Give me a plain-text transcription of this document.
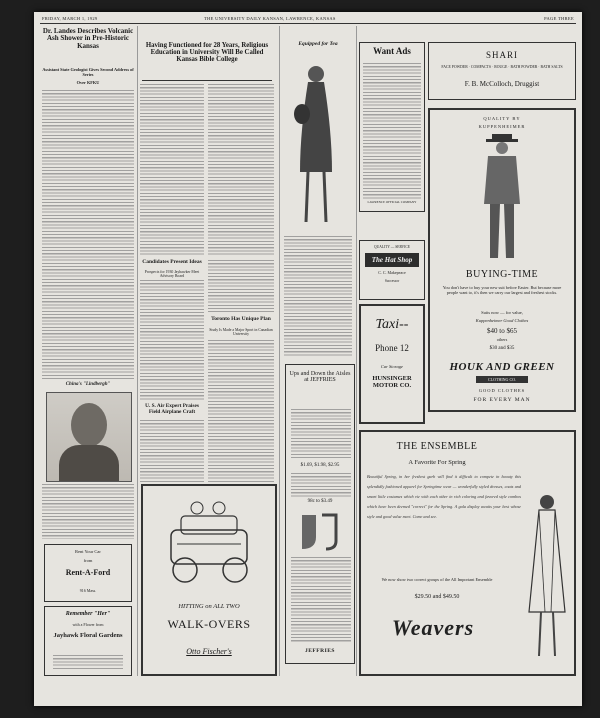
FRIDAY, MARCH 1, 1929	THE UNIVERSITY DAILY KANSAN, LAWRENCE, KANSAS	PAGE THREE
Dr. Landes Describes Volcanic Ash Shower in Pre-Historic Kansas
Assistant State Geologist Gives Second Address of Series
Over KFKU
China's "Lindbergh"
Rent Your Car
from
Rent-A-Ford
916 Mass.
Remember "Her"
with a Flower from
Jayhawk Floral Gardens
Having Functioned for 28 Years, Religious Education in University Will Be Called Kansas Bible College
Candidates Present Ideas
Prospects for 1930 Jayhawker Meet Advisory Board
Toronto Has Unique Plan
Study Is Made a Major Sport in Canadian University
U. S. Air Expert Praises Field Airplane Craft
HITTING on ALL TWO
WALK-OVERS
Otto Fischer's
Equipped for Tea
Ups and Down the Aisles at JEFFRIES
$1.69, $1.98, $2.95
98c to $3.49
JEFFRIES
Want Ads
LAWRENCE OFFICIAL COMPANY
QUALITY — SERVICE
The Hat Shop
C. C. Makepeace
Successor
Taxi--
Phone 12
Car Storage
HUNSINGER MOTOR CO.
SHARI
FACE POWDER · COMPACTS · ROUGE · BATH POWDER · BATH SALTS
F. B. McColloch, Druggist
QUALITY BY
KUPPENHEIMER
BUYING-TIME
You don't have to buy your new suit before Easter. But because more people want to, it's then we carry our largest and freshest stocks.
Suits now — for value,
Kuppenheimer Good Clothes
$40 to $65
others
$30 and $35
HOUK AND GREEN
CLOTHING CO.
GOOD CLOTHES
FOR EVERY MAN
THE ENSEMBLE
A Favorite For Spring
Beautiful Spring, in her freshest garb will find it difficult to compete in beauty this splendidly fashioned apparel for Springtime wear — wonderfully styled dresses, coats and smart little costumes which vie with each other in rich coloring and favored style combos which have been deemed "correct" for the Spring. A gala display awaits your best whose style and good value meet. Come and see.
We now show two correct groups of the All Important Ensemble
$29.50 and $49.50
Weavers
